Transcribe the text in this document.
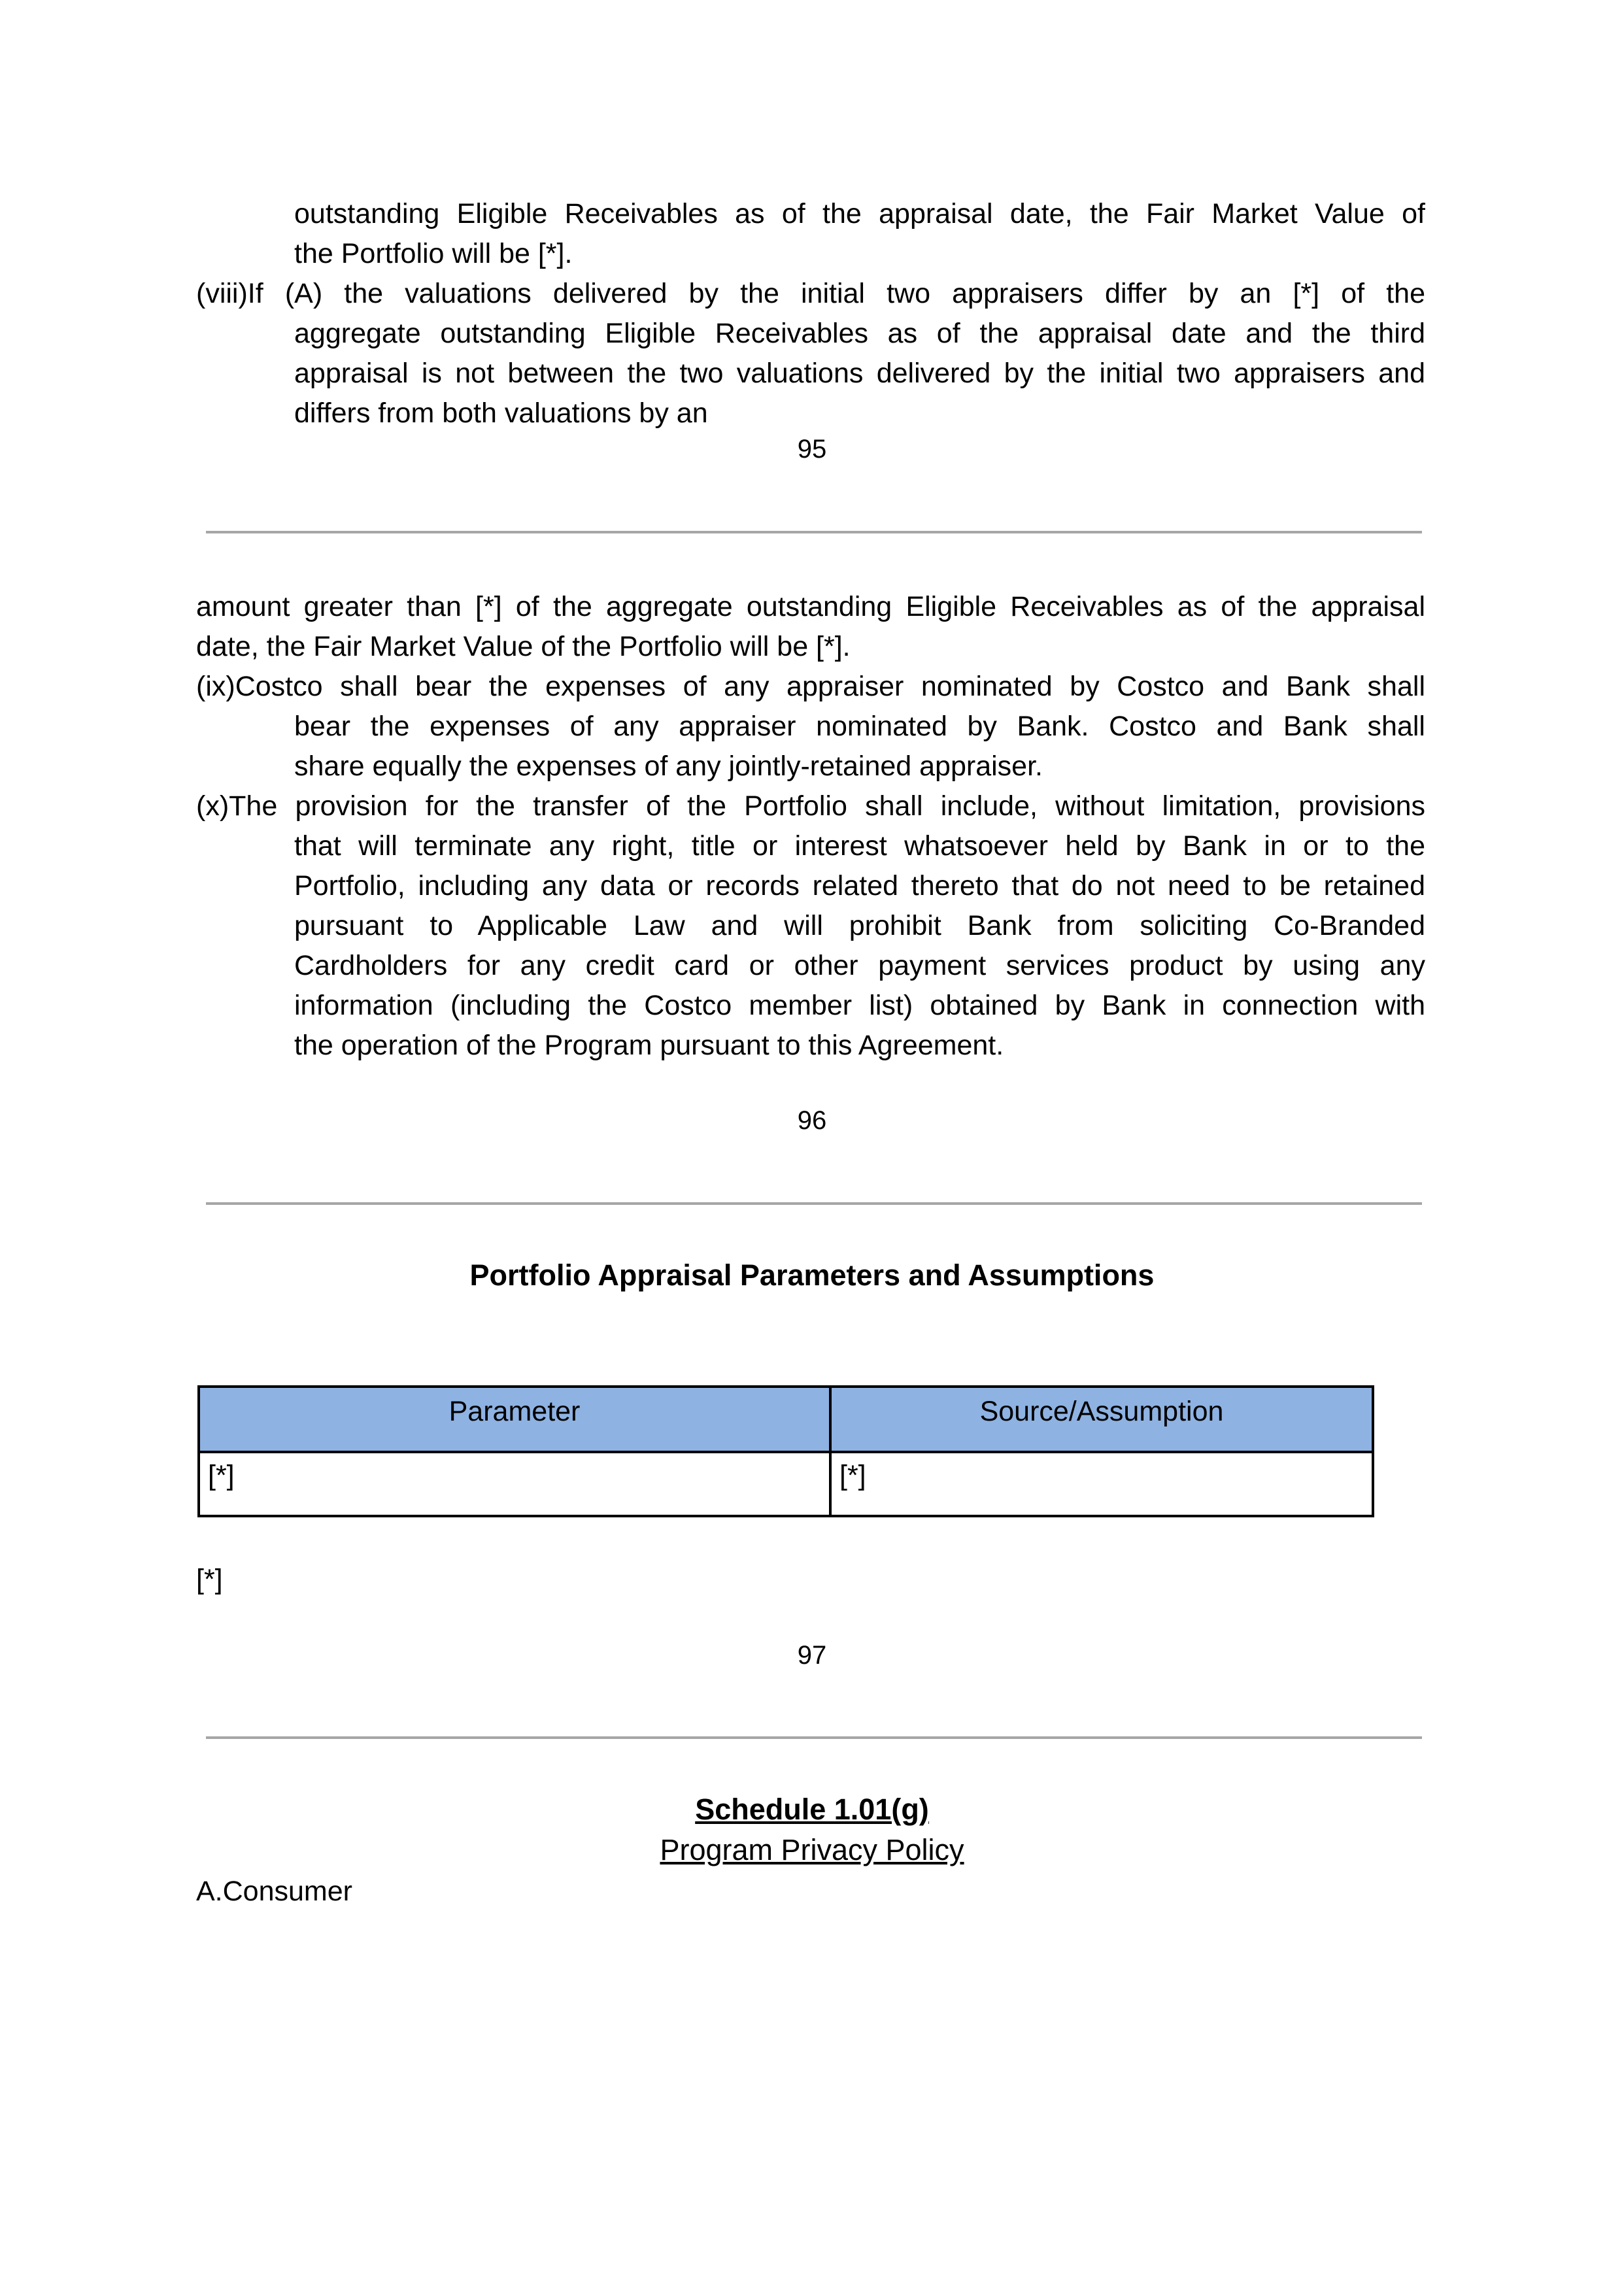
outstanding Eligible Receivables as of the appraisal date, the Fair Market Value of
the Portfolio will be [*].
(viii)If (A) the valuations delivered by the initial two appraisers differ by an [*] of the
aggregate outstanding Eligible Receivables as of the appraisal date and the third
appraisal is not between the two valuations delivered by the initial two appraisers and
differs from both valuations by an
95
amount greater than [*] of the aggregate outstanding Eligible Receivables as of the appraisal
date, the Fair Market Value of the Portfolio will be [*].
(ix)Costco shall bear the expenses of any appraiser nominated by Costco and Bank shall
bear the expenses of any appraiser nominated by Bank. Costco and Bank shall
share equally the expenses of any jointly-retained appraiser.
(x)The provision for the transfer of the Portfolio shall include, without limitation, provisions
that will terminate any right, title or interest whatsoever held by Bank in or to the
Portfolio, including any data or records related thereto that do not need to be retained
pursuant to Applicable Law and will prohibit Bank from soliciting Co-Branded
Cardholders for any credit card or other payment services product by using any
information (including the Costco member list) obtained by Bank in connection with
the operation of the Program pursuant to this Agreement.
96
Portfolio Appraisal Parameters and Assumptions
Parameter	Source/Assumption
[*]	[*]
[*]
97
Schedule 1.01(g)
Program Privacy Policy
A.Consumer
